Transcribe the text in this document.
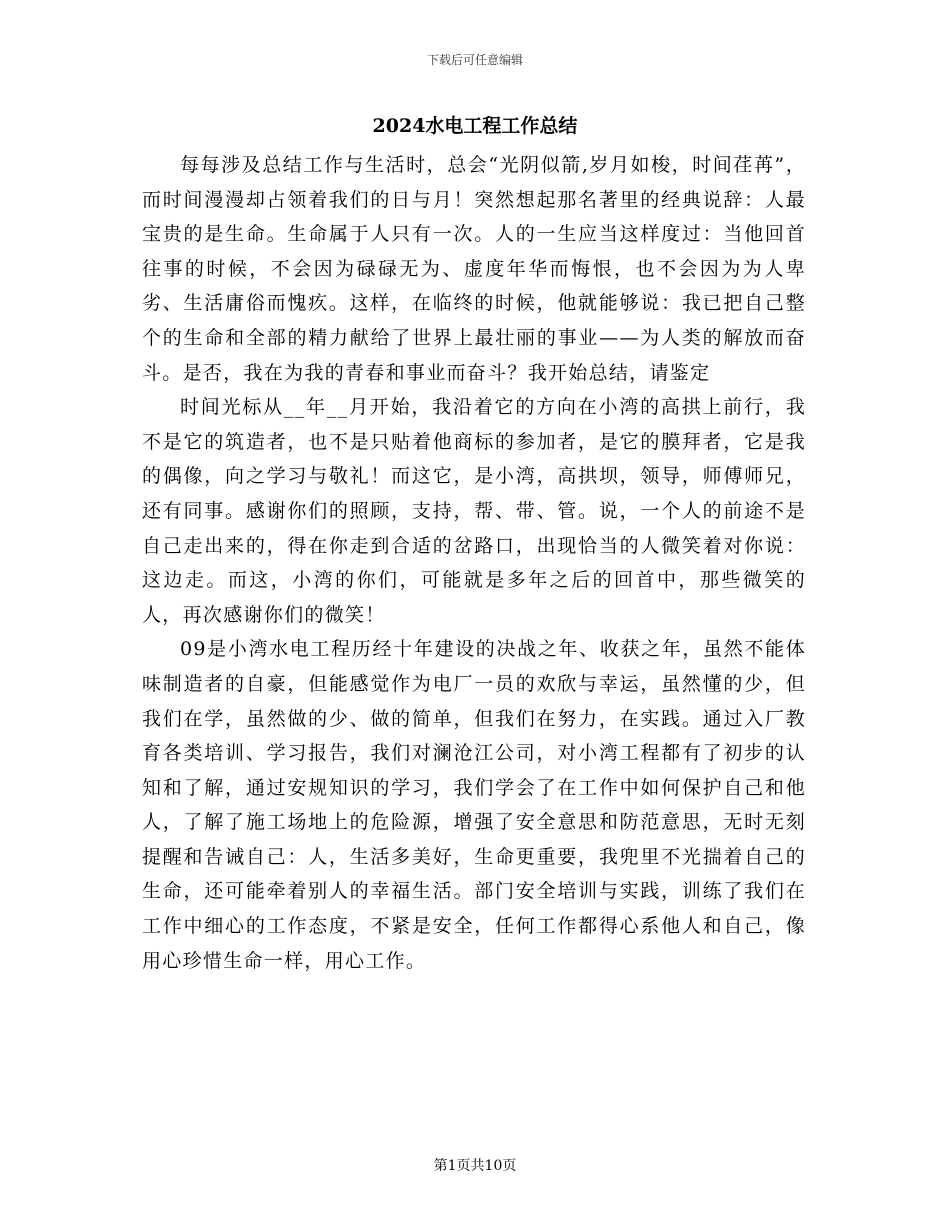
下载后可任意编辑
2024水电工程工作总结

每每涉及总结工作与生活时，总会“光阴似箭,岁月如梭，时间荏苒”，而时间漫漫却占领着我们的日与月！突然想起那名著里的经典说辞：人最宝贵的是生命。生命属于人只有一次。人的一生应当这样度过：当他回首往事的时候，不会因为碌碌无为、虚度年华而悔恨，也不会因为为人卑劣、生活庸俗而愧疚。这样，在临终的时候，他就能够说：我已把自己整个的生命和全部的精力献给了世界上最壮丽的事业——为人类的解放而奋斗。是否，我在为我的青春和事业而奋斗？我开始总结，请鉴定

时间光标从__年__月开始，我沿着它的方向在小湾的高拱上前行，我不是它的筑造者，也不是只贴着他商标的参加者，是它的膜拜者，它是我的偶像，向之学习与敬礼！而这它，是小湾，高拱坝，领导，师傅师兄，还有同事。感谢你们的照顾，支持，帮、带、管。说，一个人的前途不是自己走出来的，得在你走到合适的岔路口，出现恰当的人微笑着对你说：这边走。而这，小湾的你们，可能就是多年之后的回首中，那些微笑的人，再次感谢你们的微笑！

09是小湾水电工程历经十年建设的决战之年、收获之年，虽然不能体味制造者的自豪，但能感觉作为电厂一员的欢欣与幸运，虽然懂的少，但我们在学，虽然做的少、做的简单，但我们在努力，在实践。通过入厂教育各类培训、学习报告，我们对澜沧江公司，对小湾工程都有了初步的认知和了解，通过安规知识的学习，我们学会了在工作中如何保护自己和他人，了解了施工场地上的危险源，增强了安全意思和防范意思，无时无刻提醒和告诫自己：人，生活多美好，生命更重要，我兜里不光揣着自己的生命，还可能牵着别人的幸福生活。部门安全培训与实践，训练了我们在工作中细心的工作态度，不紧是安全，任何工作都得心系他人和自己，像用心珍惜生命一样，用心工作。

第1页共10页
